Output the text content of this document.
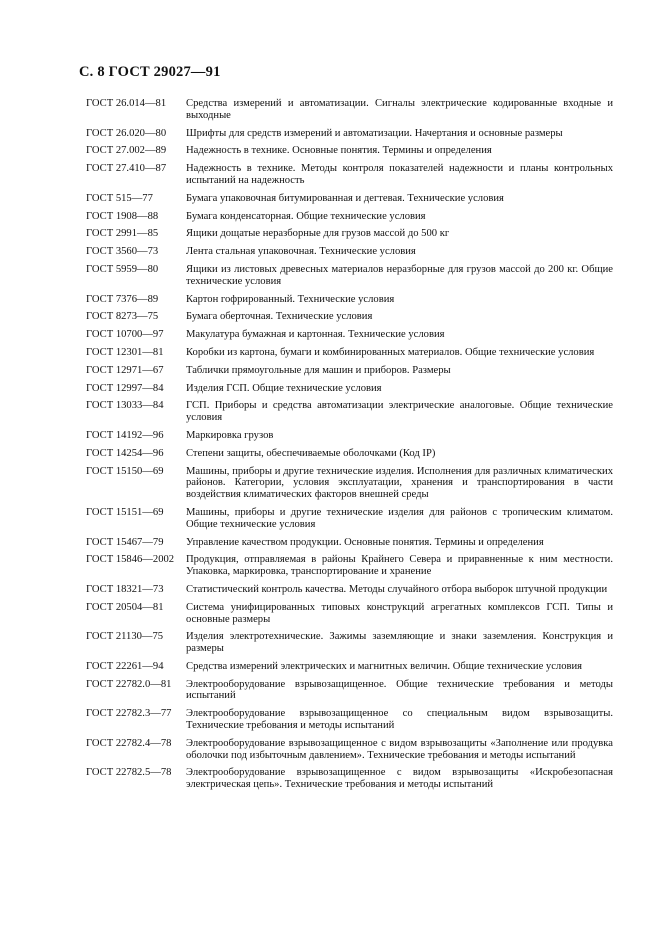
С. 8 ГОСТ 29027—91
ГОСТ 26.014—81	Средства измерений и автоматизации. Сигналы электрические кодированные входные и выходные
ГОСТ 26.020—80	Шрифты для средств измерений и автоматизации. Начертания и основные размеры
ГОСТ 27.002—89	Надежность в технике. Основные понятия. Термины и определения
ГОСТ 27.410—87	Надежность в технике. Методы контроля показателей надежности и планы контрольных испытаний на надежность
ГОСТ 515—77	Бумага упаковочная битумированная и дегтевая. Технические условия
ГОСТ 1908—88	Бумага конденсаторная. Общие технические условия
ГОСТ 2991—85	Ящики дощатые неразборные для грузов массой до 500 кг
ГОСТ 3560—73	Лента стальная упаковочная. Технические условия
ГОСТ 5959—80	Ящики из листовых древесных материалов неразборные для грузов массой до 200 кг. Общие технические условия
ГОСТ 7376—89	Картон гофрированный. Технические условия
ГОСТ 8273—75	Бумага оберточная. Технические условия
ГОСТ 10700—97	Макулатура бумажная и картонная. Технические условия
ГОСТ 12301—81	Коробки из картона, бумаги и комбинированных материалов. Общие технические условия
ГОСТ 12971—67	Таблички прямоугольные для машин и приборов. Размеры
ГОСТ 12997—84	Изделия ГСП. Общие технические условия
ГОСТ 13033—84	ГСП. Приборы и средства автоматизации электрические аналоговые. Общие технические условия
ГОСТ 14192—96	Маркировка грузов
ГОСТ 14254—96	Степени защиты, обеспечиваемые оболочками (Код IP)
ГОСТ 15150—69	Машины, приборы и другие технические изделия. Исполнения для различных климатических районов. Категории, условия эксплуатации, хранения и транспортирования в части воздействия климатических факторов внешней среды
ГОСТ 15151—69	Машины, приборы и другие технические изделия для районов с тропическим климатом. Общие технические условия
ГОСТ 15467—79	Управление качеством продукции. Основные понятия. Термины и определения
ГОСТ 15846—2002	Продукция, отправляемая в районы Крайнего Севера и приравненные к ним местности. Упаковка, маркировка, транспортирование и хранение
ГОСТ 18321—73	Статистический контроль качества. Методы случайного отбора выборок штучной продукции
ГОСТ 20504—81	Система унифицированных типовых конструкций агрегатных комплексов ГСП. Типы и основные размеры
ГОСТ 21130—75	Изделия электротехнические. Зажимы заземляющие и знаки заземления. Конструкция и размеры
ГОСТ 22261—94	Средства измерений электрических и магнитных величин. Общие технические условия
ГОСТ 22782.0—81	Электрооборудование взрывозащищенное. Общие технические требования и методы испытаний
ГОСТ 22782.3—77	Электрооборудование взрывозащищенное со специальным видом взрывозащиты. Технические требования и методы испытаний
ГОСТ 22782.4—78	Электрооборудование взрывозащищенное с видом взрывозащиты «Заполнение или продувка оболочки под избыточным давлением». Технические требования и методы испытаний
ГОСТ 22782.5—78	Электрооборудование взрывозащищенное с видом взрывозащиты «Искробезопасная электрическая цепь». Технические требования и методы испытаний
